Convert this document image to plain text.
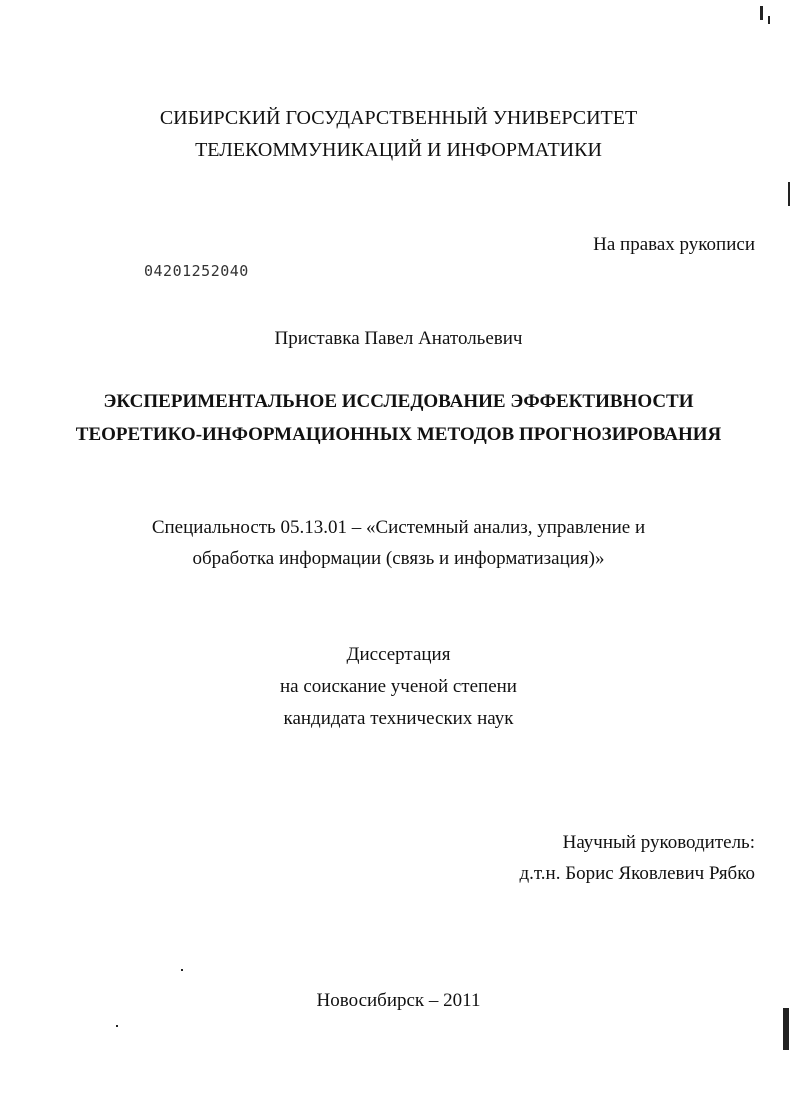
СИБИРСКИЙ ГОСУДАРСТВЕННЫЙ УНИВЕРСИТЕТ
ТЕЛЕКОММУНИКАЦИЙ И ИНФОРМАТИКИ
На правах рукописи
04201252040
Приставка Павел Анатольевич
ЭКСПЕРИМЕНТАЛЬНОЕ ИССЛЕДОВАНИЕ ЭФФЕКТИВНОСТИ
ТЕОРЕТИКО-ИНФОРМАЦИОННЫХ МЕТОДОВ ПРОГНОЗИРОВАНИЯ
Специальность 05.13.01 – «Системный анализ, управление и
обработка информации (связь и информатизация)»
Диссертация
на соискание ученой степени
кандидата технических наук
Научный руководитель:
д.т.н. Борис Яковлевич Рябко
Новосибирск – 2011
